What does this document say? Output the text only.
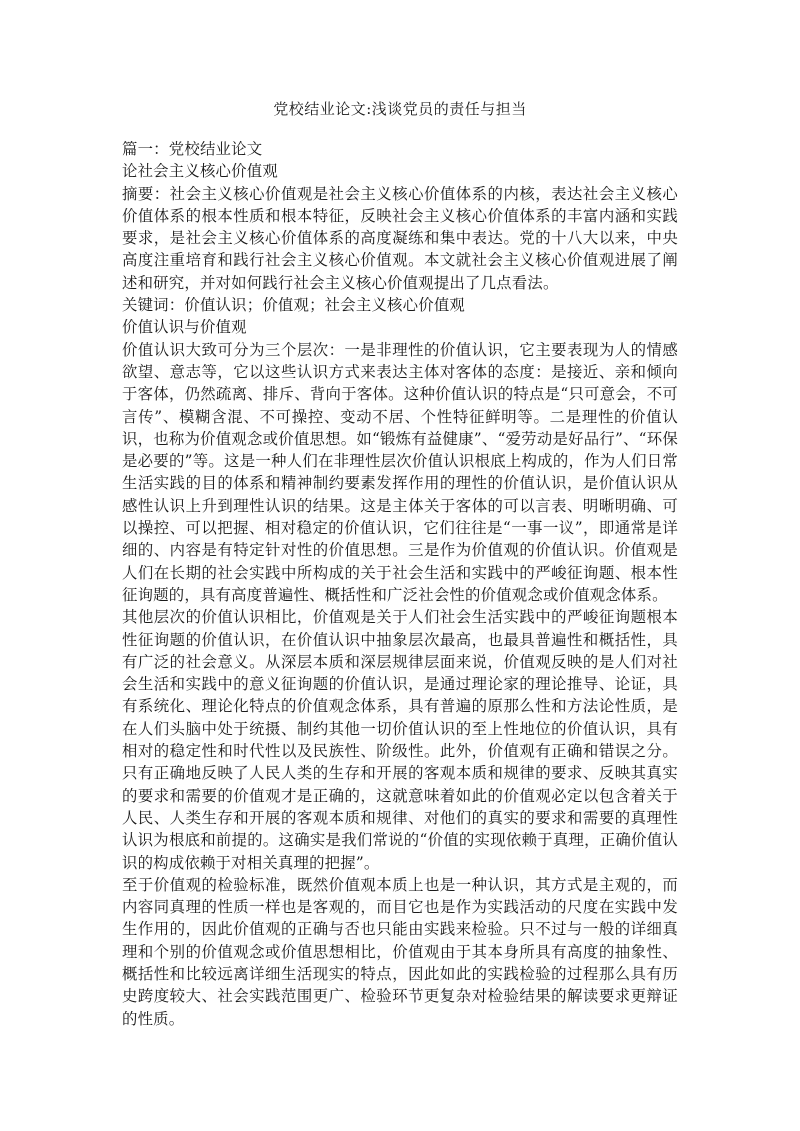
党校结业论文:浅谈党员的责任与担当

篇一：党校结业论文

论社会主义核心价值观

摘要：社会主义核心价值观是社会主义核心价值体系的内核，表达社会主义核心价值体系的根本性质和根本特征，反映社会主义核心价值体系的丰富内涵和实践要求，是社会主义核心价值体系的高度凝练和集中表达。党的十八大以来，中央高度注重培育和践行社会主义核心价值观。本文就社会主义核心价值观进展了阐述和研究，并对如何践行社会主义核心价值观提出了几点看法。

关键词：价值认识；价值观；社会主义核心价值观

价值认识与价值观

价值认识大致可分为三个层次：一是非理性的价值认识，它主要表现为人的情感欲望、意志等，它以这些认识方式来表达主体对客体的态度：是接近、亲和倾向于客体，仍然疏离、排斥、背向于客体。这种价值认识的特点是“只可意会，不可言传”、模糊含混、不可操控、变动不居、个性特征鲜明等。二是理性的价值认识，也称为价值观念或价值思想。如“锻炼有益健康”、“爱劳动是好品行”、“环保是必要的”等。这是一种人们在非理性层次价值认识根底上构成的，作为人们日常生活实践的目的体系和精神制约要素发挥作用的理性的价值认识，是价值认识从感性认识上升到理性认识的结果。这是主体关于客体的可以言表、明晰明确、可以操控、可以把握、相对稳定的价值认识，它们往往是“一事一议”，即通常是详细的、内容是有特定针对性的价值思想。三是作为价值观的价值认识。价值观是人们在长期的社会实践中所构成的关于社会生活和实践中的严峻征询题、根本性征询题的，具有高度普遍性、概括性和广泛社会性的价值观念或价值观念体系。

其他层次的价值认识相比，价值观是关于人们社会生活实践中的严峻征询题根本性征询题的价值认识，在价值认识中抽象层次最高，也最具普遍性和概括性，具有广泛的社会意义。从深层本质和深层规律层面来说，价值观反映的是人们对社会生活和实践中的意义征询题的价值认识，是通过理论家的理论推导、论证，具有系统化、理论化特点的价值观念体系，具有普遍的原那么性和方法论性质，是在人们头脑中处于统摄、制约其他一切价值认识的至上性地位的价值认识，具有相对的稳定性和时代性以及民族性、阶级性。此外，价值观有正确和错误之分。只有正确地反映了人民人类的生存和开展的客观本质和规律的要求、反映其真实的要求和需要的价值观才是正确的，这就意味着如此的价值观必定以包含着关于人民、人类生存和开展的客观本质和规律、对他们的真实的要求和需要的真理性认识为根底和前提的。这确实是我们常说的“价值的实现依赖于真理，正确价值认识的构成依赖于对相关真理的把握”。

至于价值观的检验标准，既然价值观本质上也是一种认识，其方式是主观的，而内容同真理的性质一样也是客观的，而目它也是作为实践活动的尺度在实践中发生作用的，因此价值观的正确与否也只能由实践来检验。只不过与一般的详细真理和个别的价值观念或价值思想相比，价值观由于其本身所具有高度的抽象性、概括性和比较远离详细生活现实的特点，因此如此的实践检验的过程那么具有历史跨度较大、社会实践范围更广、检验环节更复杂对检验结果的解读要求更辩证的性质。
